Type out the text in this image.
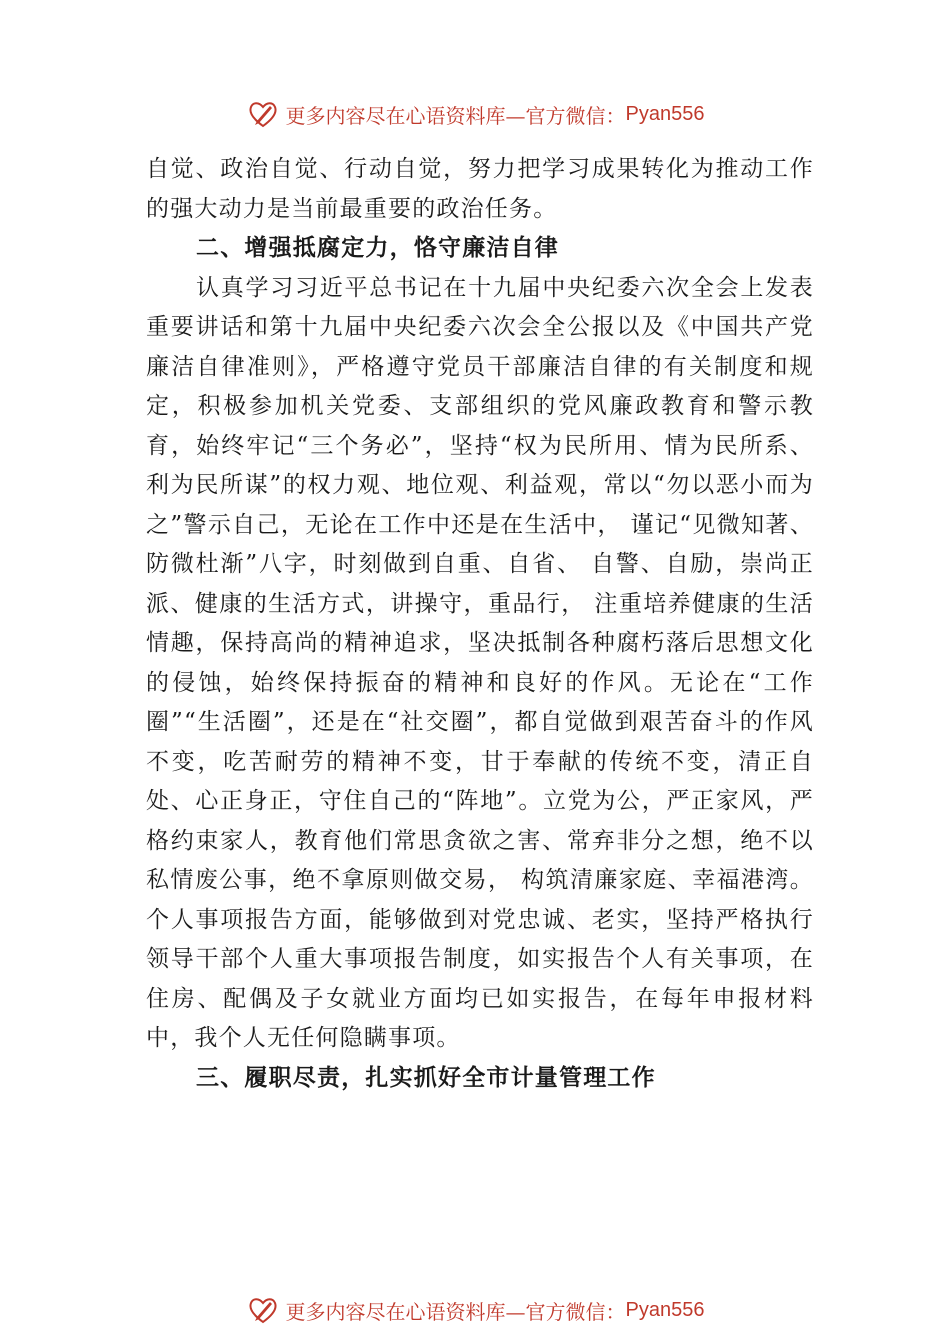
更多内容尽在心语资料库—官方微信： Pyan556

自觉、政治自觉、行动自觉，努力把学习成果转化为推动工作的强大动力是当前最重要的政治任务。

二、增强抵腐定力，恪守廉洁自律

认真学习习近平总书记在十九届中央纪委六次全会上发表重要讲话和第十九届中央纪委六次会全公报以及《中国共产党廉洁自律准则》，严格遵守党员干部廉洁自律的有关制度和规定，积极参加机关党委、支部组织的党风廉政教育和警示教育，始终牢记“三个务必”，坚持“权为民所用、情为民所系、利为民所谋”的权力观、地位观、利益观，常以“勿以恶小而为之”警示自己，无论在工作中还是在生活中， 谨记“见微知著、防微杜渐”八字，时刻做到自重、自省、 自警、自励，崇尚正派、健康的生活方式，讲操守，重品行， 注重培养健康的生活情趣，保持高尚的精神追求，坚决抵制各种腐朽落后思想文化的侵蚀，始终保持振奋的精神和良好的作风。无论在“工作圈”“生活圈”，还是在“社交圈”，都自觉做到艰苦奋斗的作风不变，吃苦耐劳的精神不变，甘于奉献的传统不变，清正自处、心正身正，守住自己的“阵地”。立党为公，严正家风，严格约束家人，教育他们常思贪欲之害、常弃非分之想，绝不以私情废公事，绝不拿原则做交易， 构筑清廉家庭、幸福港湾。个人事项报告方面，能够做到对党忠诚、老实，坚持严格执行领导干部个人重大事项报告制度，如实报告个人有关事项，在住房、配偶及子女就业方面均已如实报告，在每年申报材料中，我个人无任何隐瞒事项。

三、履职尽责，扎实抓好全市计量管理工作

更多内容尽在心语资料库—官方微信： Pyan556
